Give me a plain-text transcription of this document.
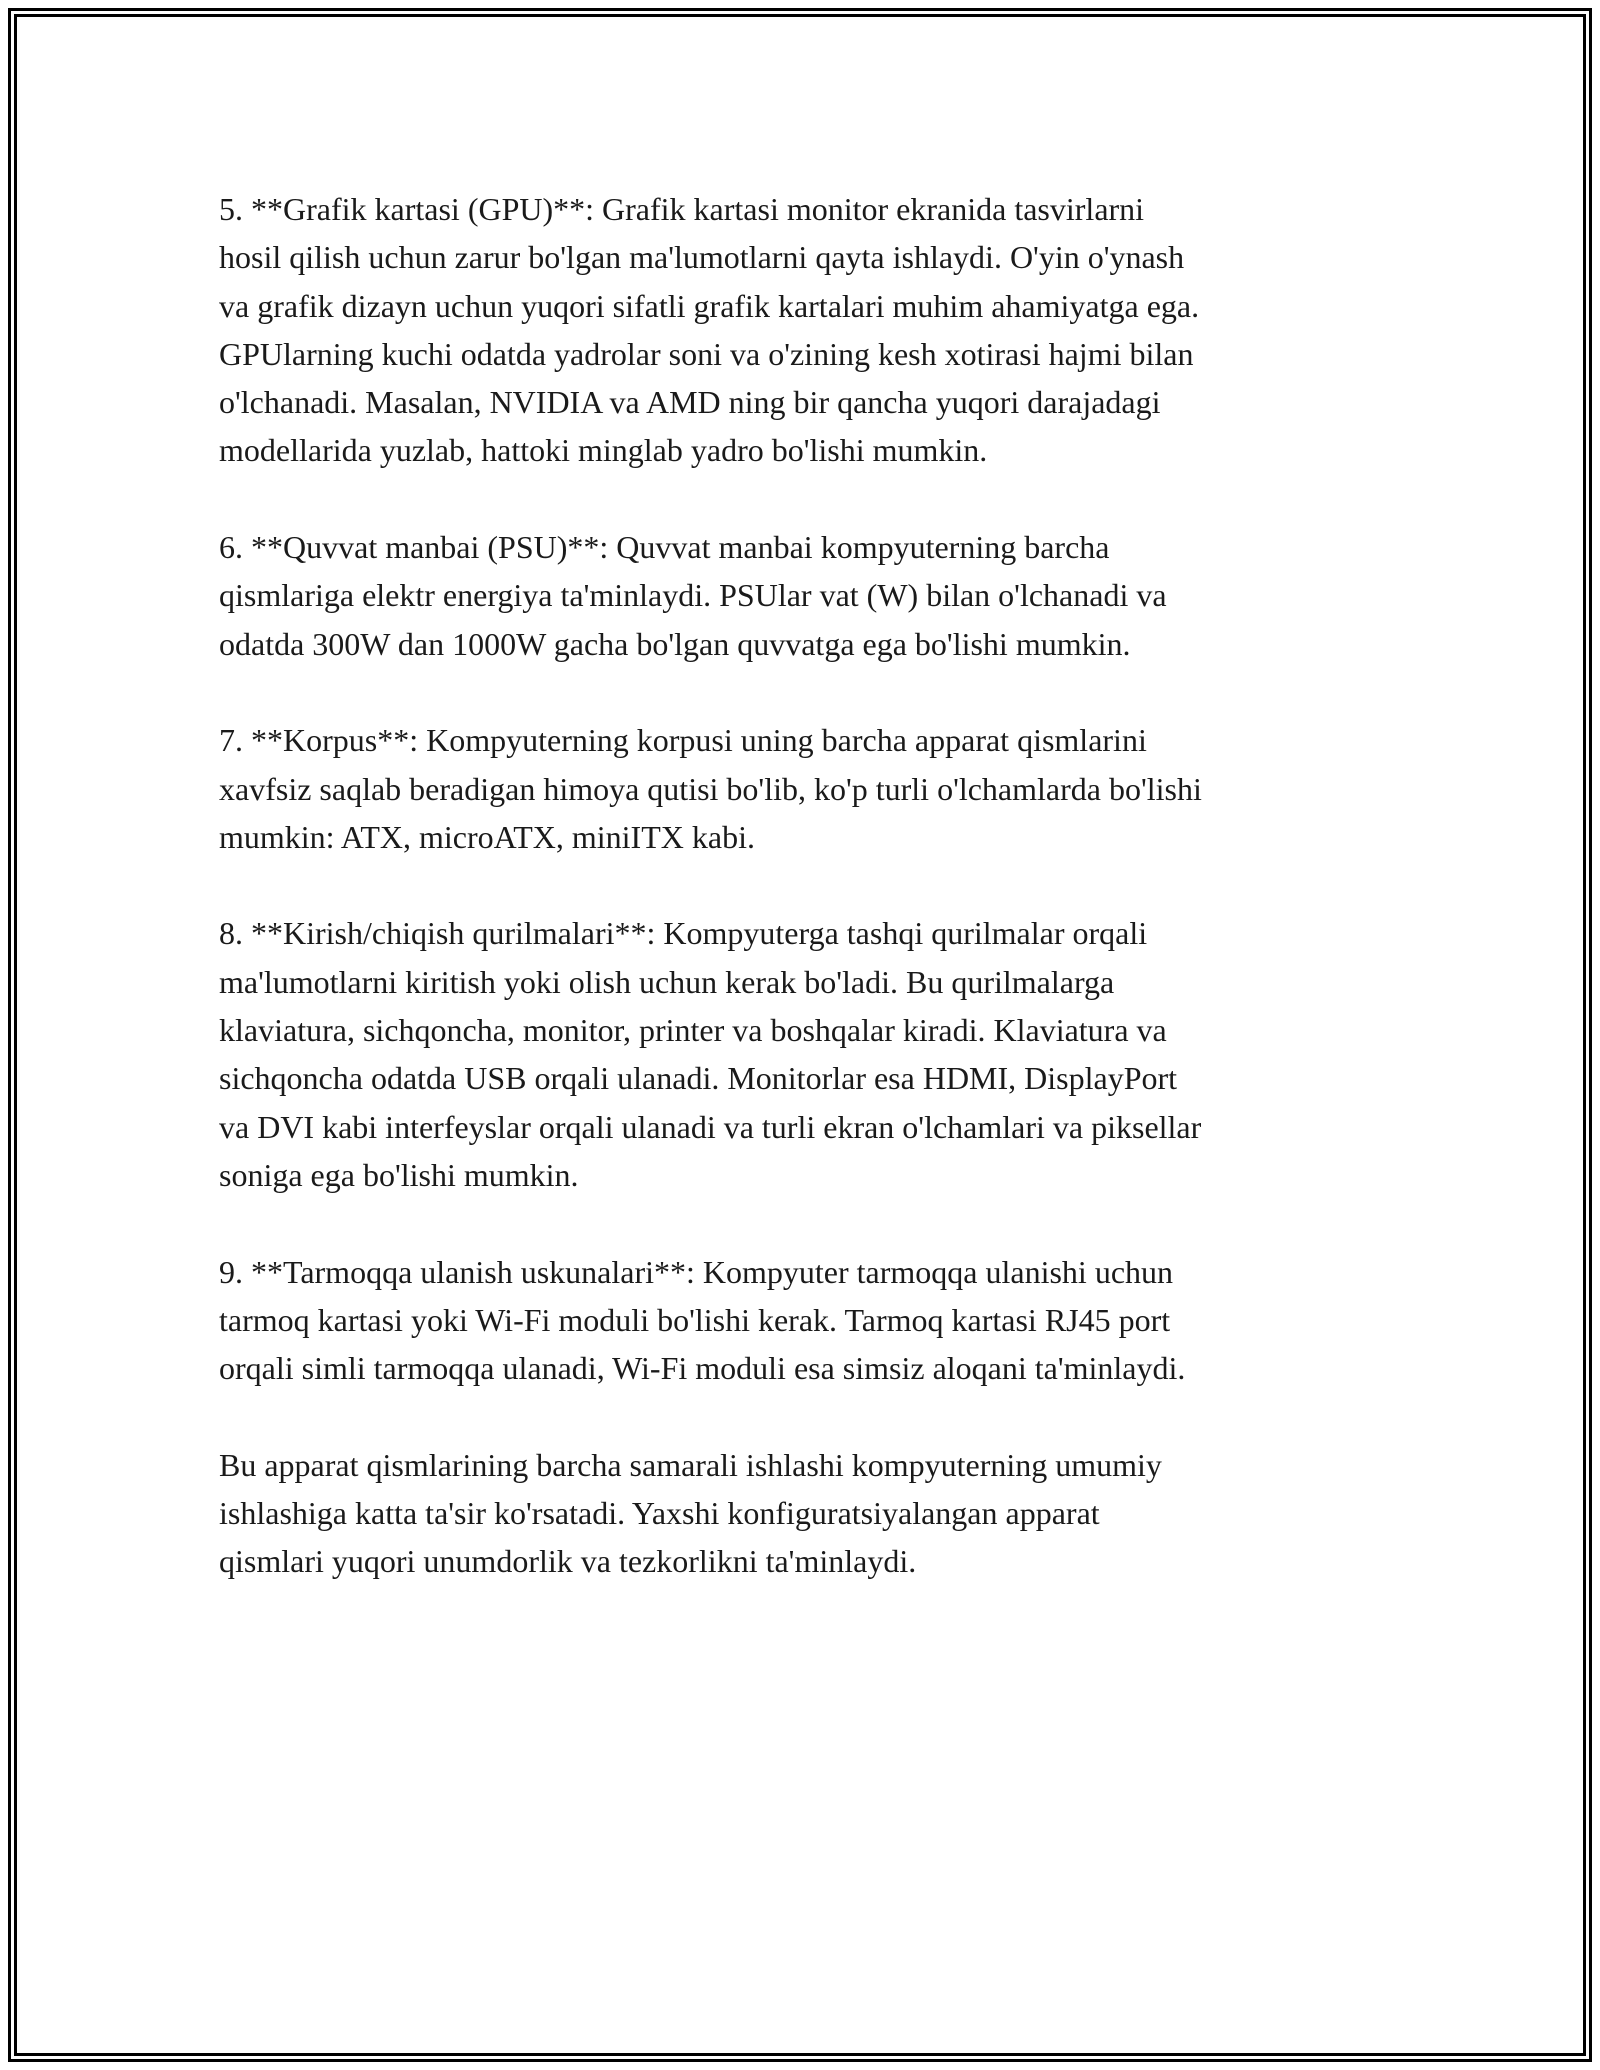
5. **Grafik kartasi (GPU)**: Grafik kartasi monitor ekranida tasvirlarni
hosil qilish uchun zarur bo'lgan ma'lumotlarni qayta ishlaydi. O'yin o'ynash
va grafik dizayn uchun yuqori sifatli grafik kartalari muhim ahamiyatga ega.
GPUlarning kuchi odatda yadrolar soni va o'zining kesh xotirasi hajmi bilan
o'lchanadi. Masalan, NVIDIA va AMD ning bir qancha yuqori darajadagi
modellarida yuzlab, hattoki minglab yadro bo'lishi mumkin.

6. **Quvvat manbai (PSU)**: Quvvat manbai kompyuterning barcha
qismlariga elektr energiya ta'minlaydi. PSUlar vat (W) bilan o'lchanadi va
odatda 300W dan 1000W gacha bo'lgan quvvatga ega bo'lishi mumkin.

7. **Korpus**: Kompyuterning korpusi uning barcha apparat qismlarini
xavfsiz saqlab beradigan himoya qutisi bo'lib, ko'p turli o'lchamlarda bo'lishi
mumkin: ATX, microATX, miniITX kabi.

8. **Kirish/chiqish qurilmalari**: Kompyuterga tashqi qurilmalar orqali
ma'lumotlarni kiritish yoki olish uchun kerak bo'ladi. Bu qurilmalarga
klaviatura, sichqoncha, monitor, printer va boshqalar kiradi. Klaviatura va
sichqoncha odatda USB orqali ulanadi. Monitorlar esa HDMI, DisplayPort
va DVI kabi interfeyslar orqali ulanadi va turli ekran o'lchamlari va piksellar
soniga ega bo'lishi mumkin.

9. **Tarmoqqa ulanish uskunalari**: Kompyuter tarmoqqa ulanishi uchun
tarmoq kartasi yoki Wi-Fi moduli bo'lishi kerak. Tarmoq kartasi RJ45 port
orqali simli tarmoqqa ulanadi, Wi-Fi moduli esa simsiz aloqani ta'minlaydi.

Bu apparat qismlarining barcha samarali ishlashi kompyuterning umumiy
ishlashiga katta ta'sir ko'rsatadi. Yaxshi konfiguratsiyalangan apparat
qismlari yuqori unumdorlik va tezkorlikni ta'minlaydi.
